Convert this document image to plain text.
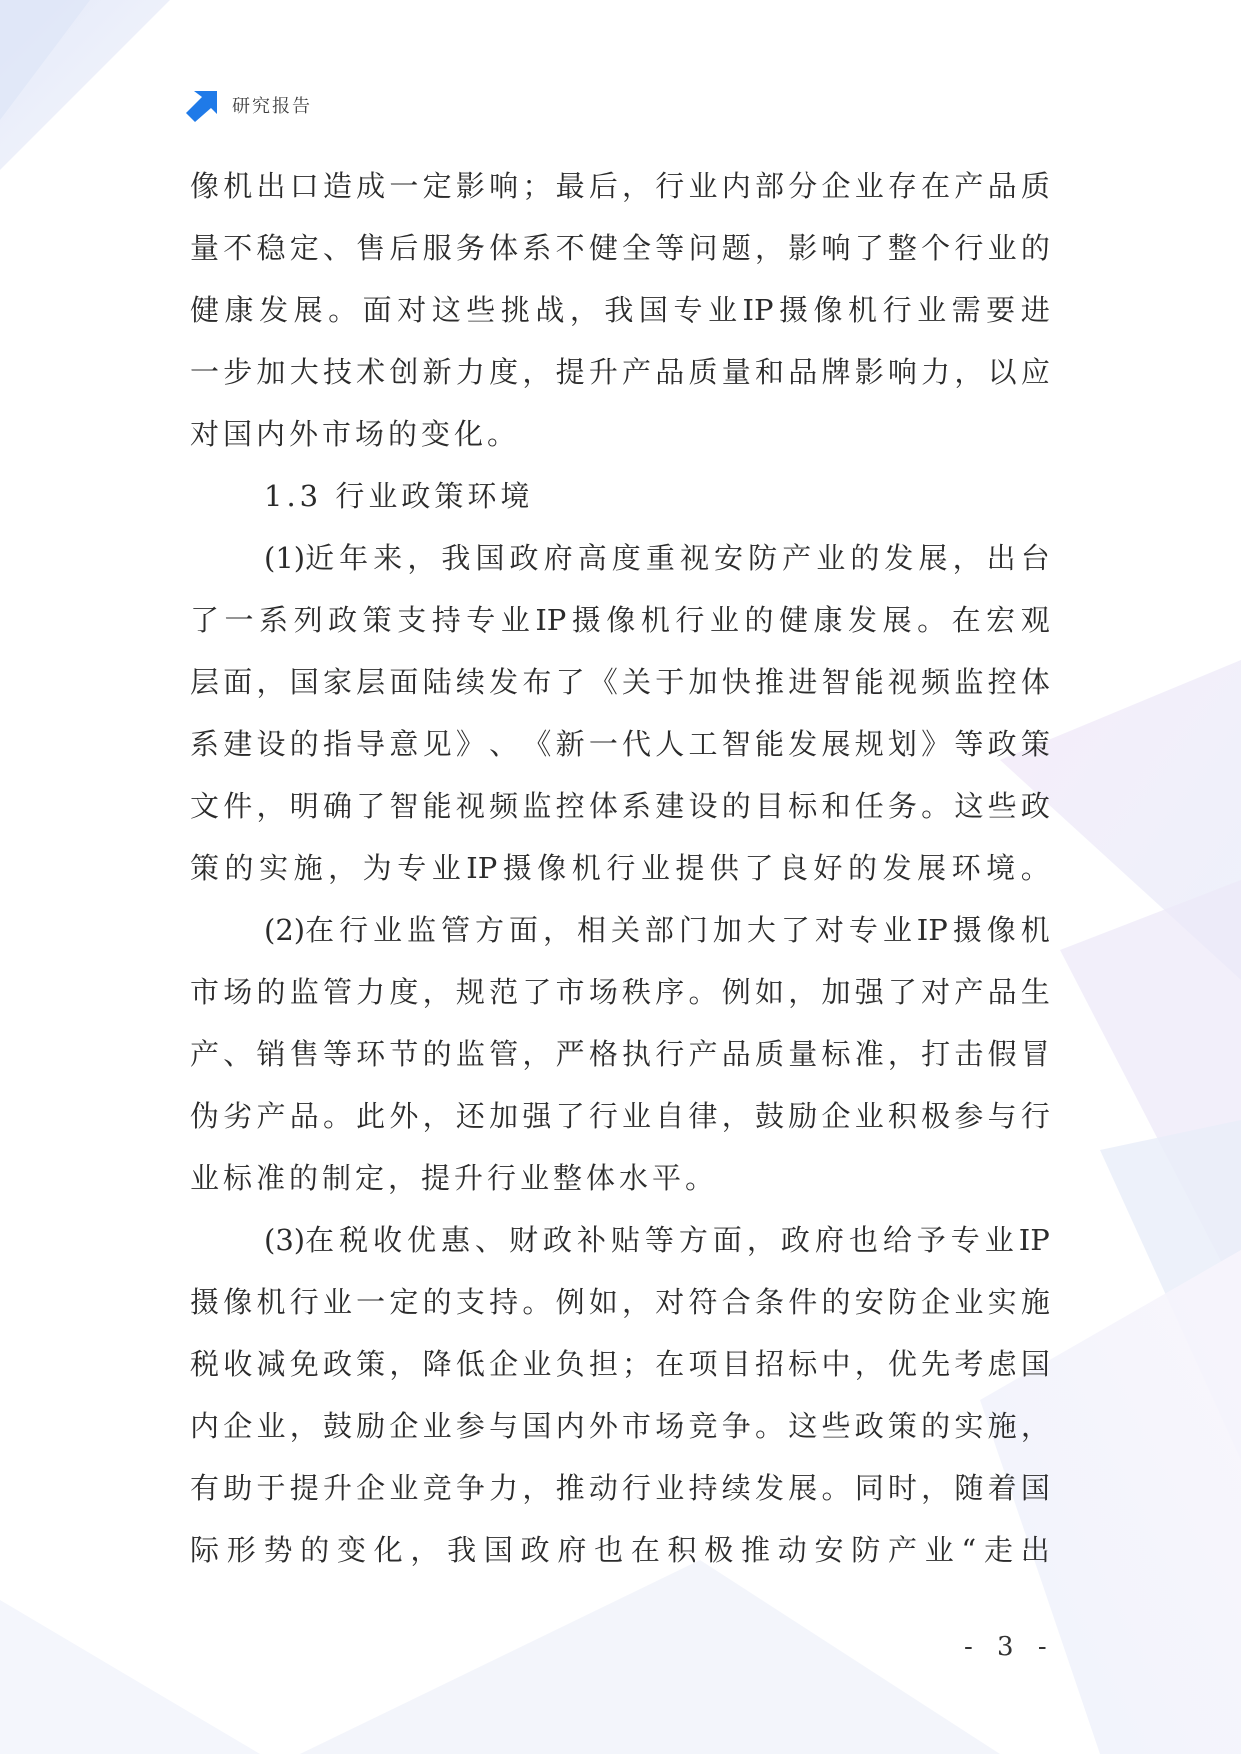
研究报告
像 机 出 口 造 成 一 定 影 响 ； 最 后 ， 行 业 内 部 分 企 业 存 在 产 品 质
量 不 稳 定 、 售 后 服 务 体 系 不 健 全 等 问 题 ， 影 响 了 整 个 行 业 的
健 康 发 展 。 面 对 这 些 挑 战 ， 我 国 专 业 IP 摄 像 机 行 业 需 要 进
一 步 加 大 技 术 创 新 力 度 ， 提 升 产 品 质 量 和 品 牌 影 响 力 ， 以 应
对国内外市场的变化。
1.3 行业政策环境
(1)近 年 来 ， 我 国 政 府 高 度 重 视 安 防 产 业 的 发 展 ， 出 台
了 一 系 列 政 策 支 持 专 业 IP 摄 像 机 行 业 的 健 康 发 展 。 在 宏 观
层 面 ， 国 家 层 面 陆 续 发 布 了 《 关 于 加 快 推 进 智 能 视 频 监 控 体
系 建 设 的 指 导 意 见 》 、 《 新 一 代 人 工 智 能 发 展 规 划 》 等 政 策
文 件 ， 明 确 了 智 能 视 频 监 控 体 系 建 设 的 目 标 和 任 务 。 这 些 政
策 的 实 施 ， 为 专 业 IP 摄 像 机 行 业 提 供 了 良 好 的 发 展 环 境 。
(2)在 行 业 监 管 方 面 ， 相 关 部 门 加 大 了 对 专 业 IP 摄 像 机
市 场 的 监 管 力 度 ， 规 范 了 市 场 秩 序 。 例 如 ， 加 强 了 对 产 品 生
产 、 销 售 等 环 节 的 监 管 ， 严 格 执 行 产 品 质 量 标 准 ， 打 击 假 冒
伪 劣 产 品 。 此 外 ， 还 加 强 了 行 业 自 律 ， 鼓 励 企 业 积 极 参 与 行
业标准的制定，提升行业整体水平。
(3)在 税 收 优 惠 、 财 政 补 贴 等 方 面 ， 政 府 也 给 予 专 业 IP
摄 像 机 行 业 一 定 的 支 持 。 例 如 ， 对 符 合 条 件 的 安 防 企 业 实 施
税 收 减 免 政 策 ， 降 低 企 业 负 担 ； 在 项 目 招 标 中 ， 优 先 考 虑 国
内 企 业 ， 鼓 励 企 业 参 与 国 内 外 市 场 竞 争 。 这 些 政 策 的 实 施 ，
有 助 于 提 升 企 业 竞 争 力 ， 推 动 行 业 持 续 发 展 。 同 时 ， 随 着 国
际 形 势 的 变 化 ， 我 国 政 府 也 在 积 极 推 动 安 防 产 业 “ 走 出
- 3 -
